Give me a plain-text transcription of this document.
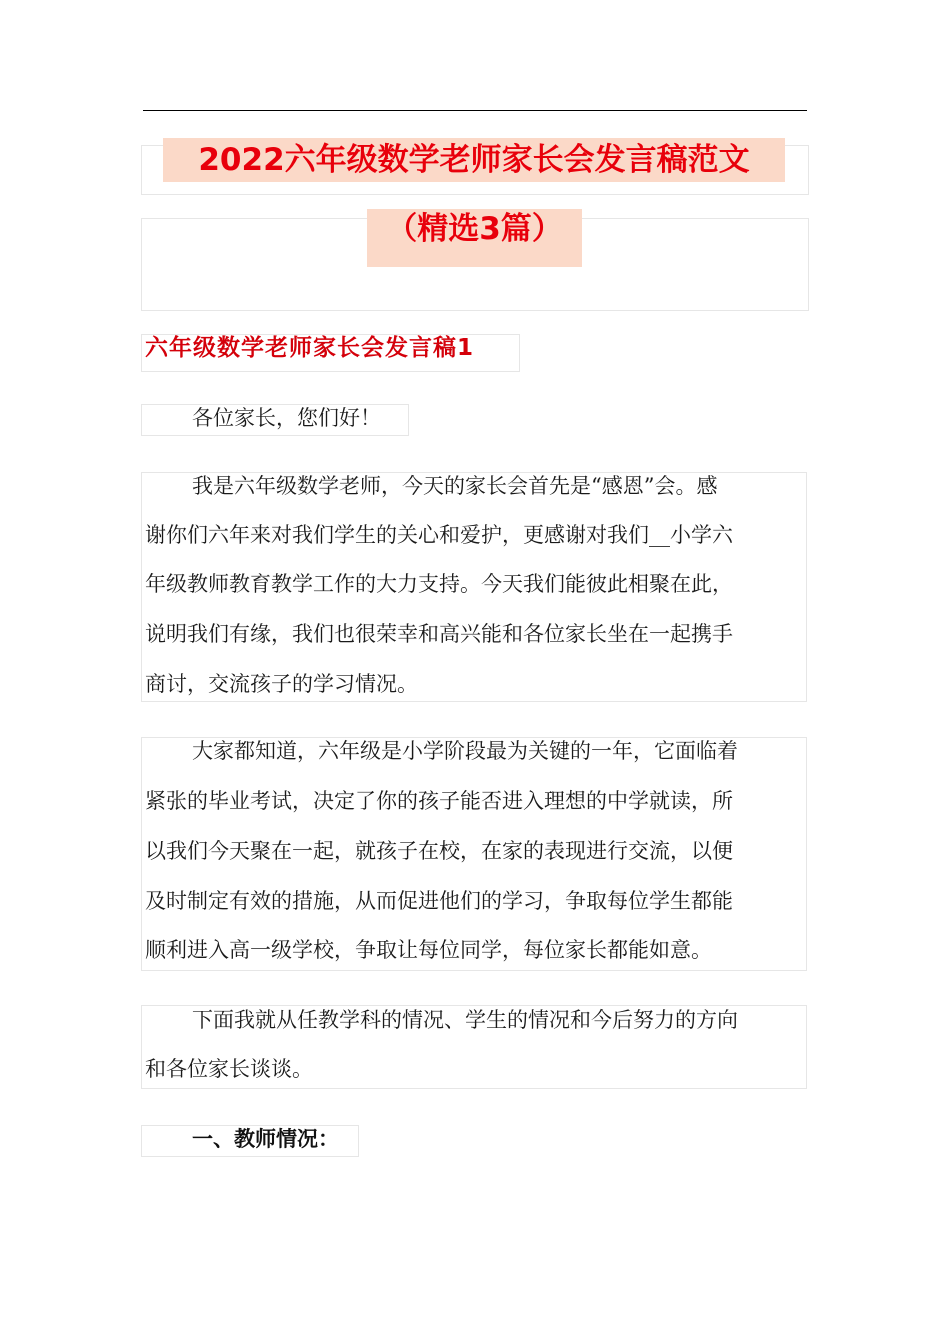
2022六年级数学老师家长会发言稿范文
（精选3篇）
六年级数学老师家长会发言稿1
各位家长，您们好！
我是六年级数学老师，今天的家长会首先是“感恩”会。感
谢你们六年来对我们学生的关心和爱护，更感谢对我们__小学六
年级教师教育教学工作的大力支持。今天我们能彼此相聚在此，
说明我们有缘，我们也很荣幸和高兴能和各位家长坐在一起携手
商讨，交流孩子的学习情况。
大家都知道，六年级是小学阶段最为关键的一年，它面临着
紧张的毕业考试，决定了你的孩子能否进入理想的中学就读，所
以我们今天聚在一起，就孩子在校，在家的表现进行交流，以便
及时制定有效的措施，从而促进他们的学习，争取每位学生都能
顺利进入高一级学校，争取让每位同学，每位家长都能如意。
下面我就从任教学科的情况、学生的情况和今后努力的方向
和各位家长谈谈。
一、教师情况：
